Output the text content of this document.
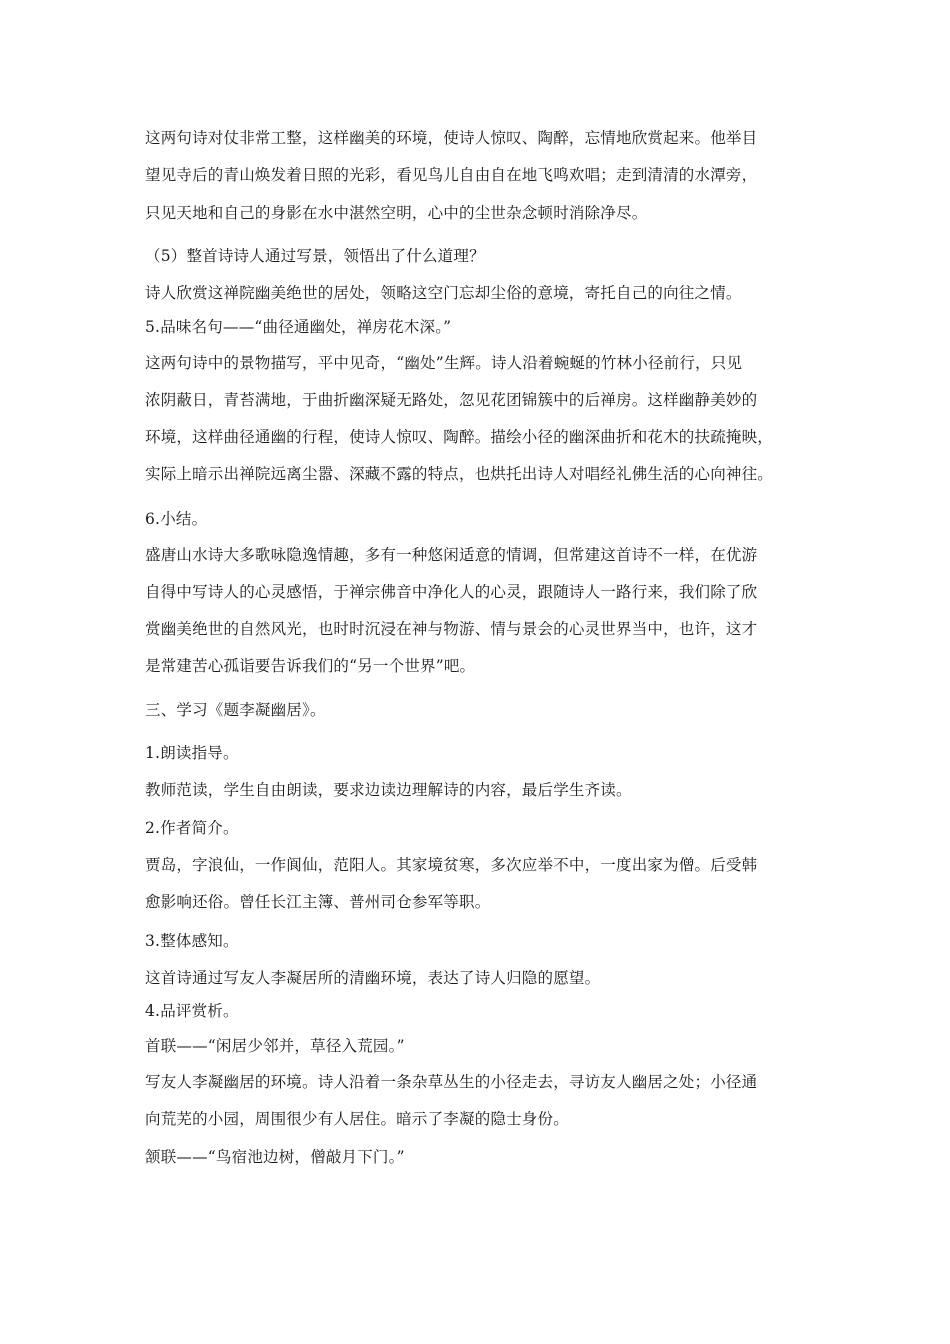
这两句诗对仗非常工整，这样幽美的环境，使诗人惊叹、陶醉，忘情地欣赏起来。他举目
望见寺后的青山焕发着日照的光彩，看见鸟儿自由自在地飞鸣欢唱；走到清清的水潭旁，
只见天地和自己的身影在水中湛然空明，心中的尘世杂念顿时消除净尽。
（5）整首诗诗人通过写景，领悟出了什么道理？
诗人欣赏这禅院幽美绝世的居处，领略这空门忘却尘俗的意境，寄托自己的向往之情。
5.品味名句——“曲径通幽处，禅房花木深。”
这两句诗中的景物描写，平中见奇，“幽处”生辉。诗人沿着蜿蜒的竹林小径前行，只见
浓阴蔽日，青苔满地，于曲折幽深疑无路处，忽见花团锦簇中的后禅房。这样幽静美妙的
环境，这样曲径通幽的行程，使诗人惊叹、陶醉。描绘小径的幽深曲折和花木的扶疏掩映，
实际上暗示出禅院远离尘嚣、深藏不露的特点，也烘托出诗人对唱经礼佛生活的心向神往。
6.小结。
盛唐山水诗大多歌咏隐逸情趣，多有一种悠闲适意的情调，但常建这首诗不一样，在优游
自得中写诗人的心灵感悟，于禅宗佛音中净化人的心灵，跟随诗人一路行来，我们除了欣
赏幽美绝世的自然风光，也时时沉浸在神与物游、情与景会的心灵世界当中，也许，这才
是常建苦心孤诣要告诉我们的“另一个世界”吧。
三、学习《题李凝幽居》。
1.朗读指导。
教师范读，学生自由朗读，要求边读边理解诗的内容，最后学生齐读。
2.作者简介。
贾岛，字浪仙，一作阆仙，范阳人。其家境贫寒，多次应举不中，一度出家为僧。后受韩
愈影响还俗。曾任长江主簿、普州司仓参军等职。
3.整体感知。
这首诗通过写友人李凝居所的清幽环境，表达了诗人归隐的愿望。
4.品评赏析。
首联——“闲居少邻并，草径入荒园。”
写友人李凝幽居的环境。诗人沿着一条杂草丛生的小径走去，寻访友人幽居之处；小径通
向荒芜的小园，周围很少有人居住。暗示了李凝的隐士身份。
颔联——“鸟宿池边树，僧敲月下门。”
